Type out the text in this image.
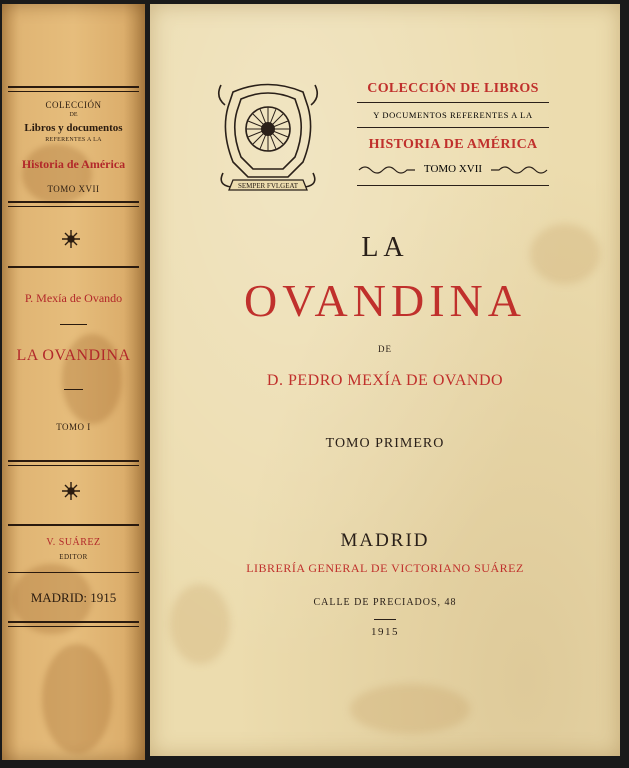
COLECCIÓN
DE
Libros y documentos
REFERENTES A LA
Historia de América
TOMO XVII
P. Mexía de Ovando
LA OVANDINA
TOMO I
V. SUÁREZ
EDITOR
MADRID: 1915
SEMPER FVLGEAT
COLECCIÓN DE LIBROS
Y DOCUMENTOS REFERENTES A LA
HISTORIA DE AMÉRICA
TOMO XVII
LA
OVANDINA
DE
D. PEDRO MEXÍA DE OVANDO
TOMO PRIMERO
MADRID
LIBRERÍA GENERAL DE VICTORIANO SUÁREZ
CALLE DE PRECIADOS, 48
1915
